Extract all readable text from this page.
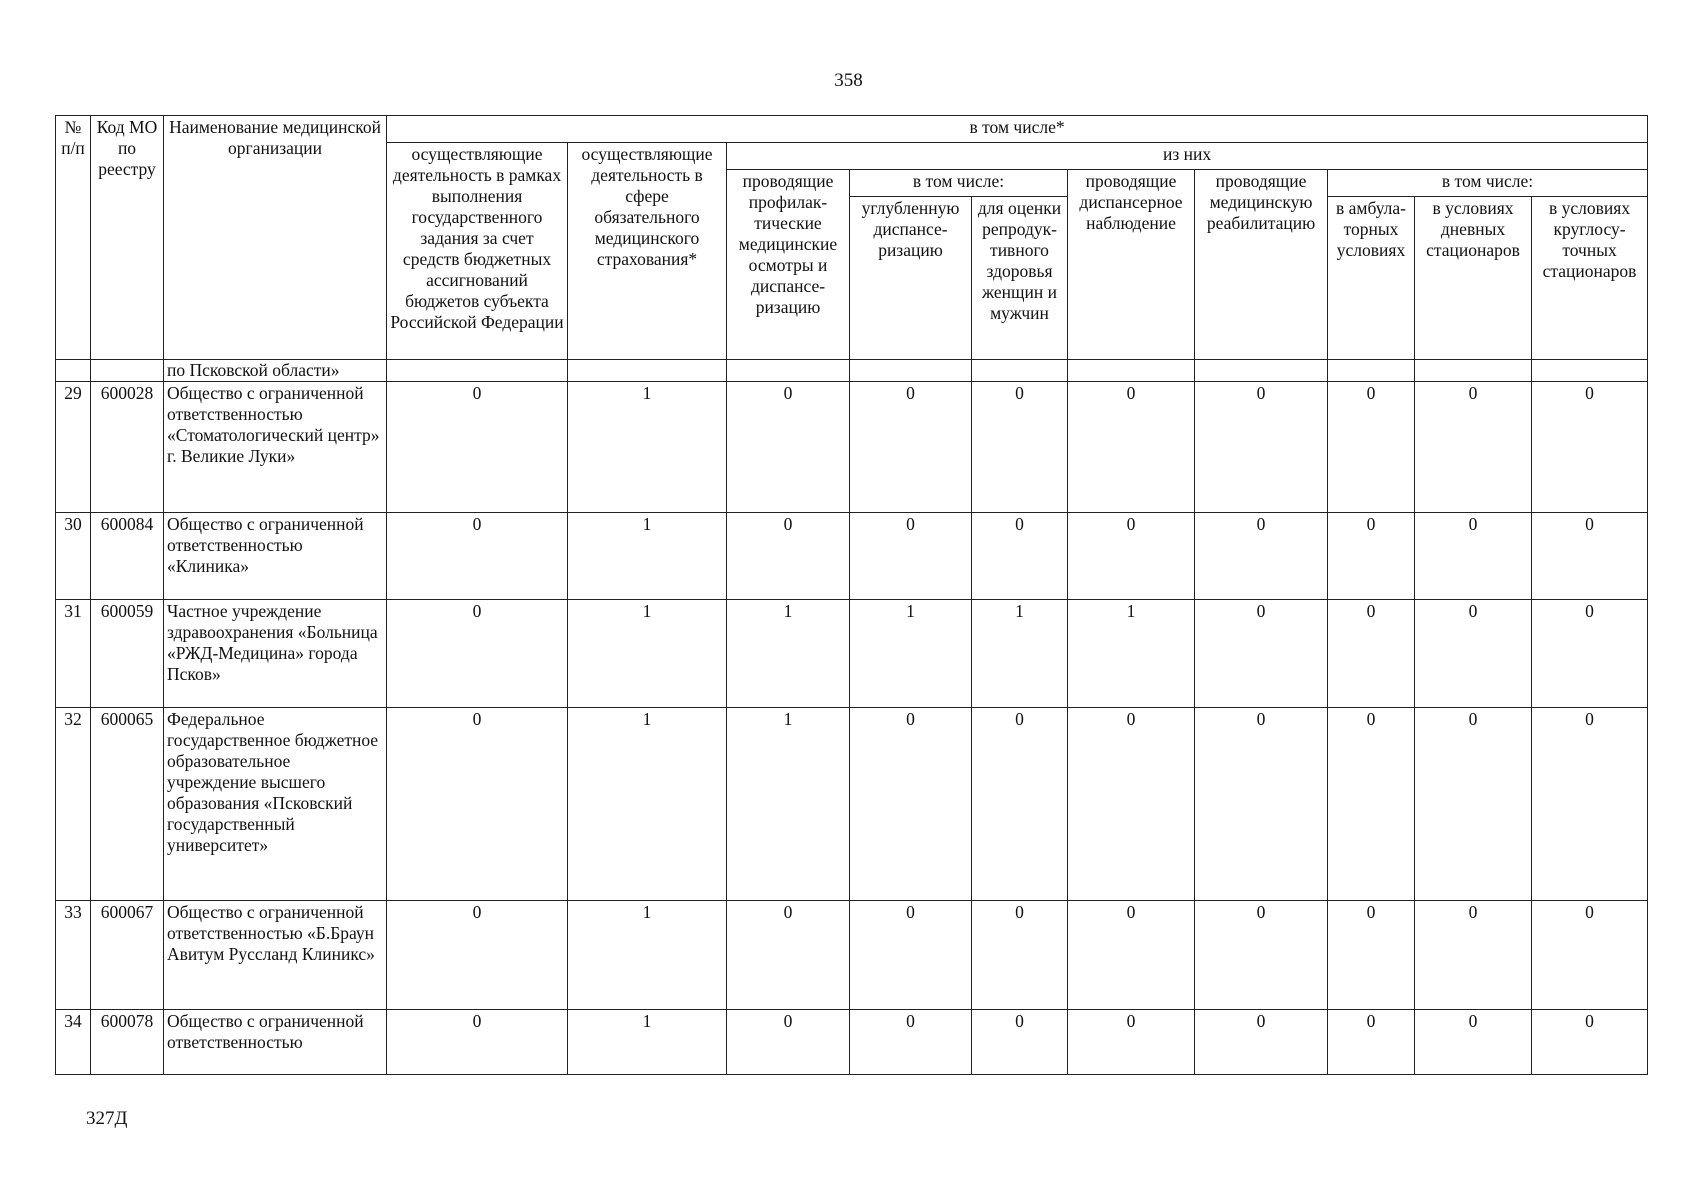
358
№ п/п	Код МО по реестру	Наименование медицинской организации	в том числе*									
			осуществляющие деятельность в рамках выполнения государственного задания за счет средств бюджетных ассигнований бюджетов субъекта Российской Федерации	осуществляющие деятельность в сфере обязательного медицинского страхования*	из них							
					проводящие профилак-тические медицинские осмотры и диспансе-ризацию	в том числе:		проводящие диспансерное наблюдение	проводящие медицинскую реабилитацию	в том числе:		
						углубленную диспансе-ризацию	для оценки репродук-тивного здоровья женщин и мужчин			в амбула-торных условиях	в условиях дневных стационаров	в условиях круглосу-точных стационаров
		по Псковской области»										
29	600028	Общество с ограниченной ответственностью «Стоматологический центр» г. Великие Луки»	0	1	0	0	0	0	0	0	0	0
30	600084	Общество с ограниченной ответственностью «Клиника»	0	1	0	0	0	0	0	0	0	0
31	600059	Частное учреждение здравоохранения «Больница «РЖД-Медицина» города Псков»	0	1	1	1	1	1	0	0	0	0
32	600065	Федеральное государственное бюджетное образовательное учреждение высшего образования «Псковский государственный университет»	0	1	1	0	0	0	0	0	0	0
33	600067	Общество с ограниченной ответственностью «Б.Браун Авитум Руссланд Клиникс»	0	1	0	0	0	0	0	0	0	0
34	600078	Общество с ограниченной ответственностью	0	1	0	0	0	0	0	0	0	0
327Д
